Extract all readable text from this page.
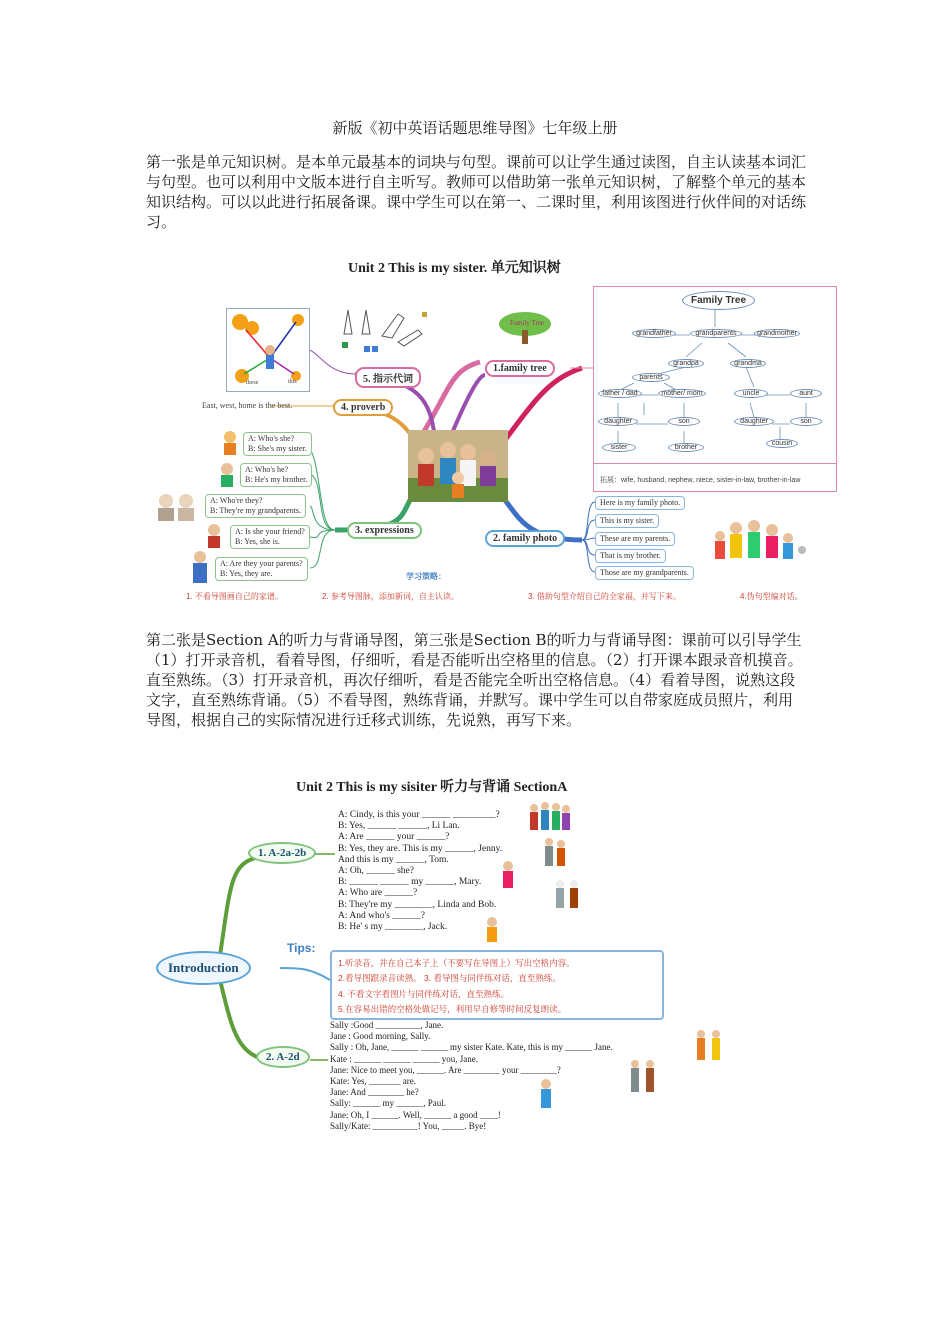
新版《初中英语话题思维导图》七年级上册

第一张是单元知识树。是本单元最基本的词块与句型。课前可以让学生通过读图，自主认读基本词汇与句型。也可以利用中文版本进行自主听写。教师可以借助第一张单元知识树，了解整个单元的基本知识结构。可以以此进行拓展备课。课中学生可以在第一、二课时里，利用该图进行伙伴间的对话练习。

Unit 2 This is my sister. 单元知识树
these	this	5. 指示代词
4. proverb
East, west, home is the best.
1.family tree
3. expressions
2. family photo
Family Tree
A: Who's she?
B: She's my sister.
A: Who's he?
B: He's my brother.
A: Who're they?
B: They're my grandparents.
A: Is she your friend?
B: Yes, she is.
A: Are they your parents?
B: Yes, they are.
Here is my family photo.
This is my sister.
These are my parents.
That is my brother.
Those are my grandparents.
Family Tree
grandfather	grandparents	grandmother
grandpa	grandma
parents
father / dad	mother/ mom	uncle	aunt
daughter	son	daughter	son
sister	brother
cousin
拓展：wife, husband, nephew, niece, sister-in-law, brother-in-law
学习策略：
1. 不看导图画自己的家谱。	2. 参考导图脉，添加新词，自主认读。	3. 借助句型介绍自己的全家福，并写下来。	4.伪句型编对话。

第二张是Section A的听力与背诵导图，第三张是Section B的听力与背诵导图：课前可以引导学生（1）打开录音机，看着导图，仔细听，看是否能听出空格里的信息。（2）打开课本跟录音机摸音。直至熟练。（3）打开录音机，再次仔细听，看是否能完全听出空格信息。（4）看着导图，说熟这段文字，直至熟练背诵。（5）不看导图，熟练背诵，并默写。课中学生可以自带家庭成员照片，利用导图，根据自己的实际情况进行迁移式训练，先说熟，再写下来。

Unit 2 This is my sisiter 听力与背诵 SectionA
1. A-2a-2b
Introduction
2. A-2d
A: Cindy, is this your ______ _________?
B: Yes, ______ ______, Li Lan.
A: Are ______ your ______?
B: Yes, they are. This is my ______, Jenny.
And this is my ______, Tom.
A: Oh, ______ she?
B: ______ ______ my ______, Mary.
A: Who are ______?
B: They're my ________, Linda and Bob.
A: And who's ______?
B: He' s my ________, Jack.
Tips:
1.听录音，并在自己本子上（不要写在导图上）写出空格内容。
2.看导图跟录音读熟。 3. 看导图与同伴练对话，直至熟练。
4. 不看文字看图片与同伴练对话，直至熟练。
5.在容易出错的空格处做记号，利用早自修等时间反复朗读。
Sally :Good __________, Jane.
Jane : Good morning, Sally.
Sally : Oh, Jane, ______ ______ my sister Kate. Kate, this is my ______ Jane.
Kate : ______ ______ ______ you, Jane.
Jane: Nice to meet you, ______. Are ________ your ________?
Kate: Yes, _______ are.
Jane: And ________ he?
Sally: ______ my ______, Paul.
Jane: Oh, I ______. Well, ______ a good ____!
Sally/Kate: __________! You, _____. Bye!
